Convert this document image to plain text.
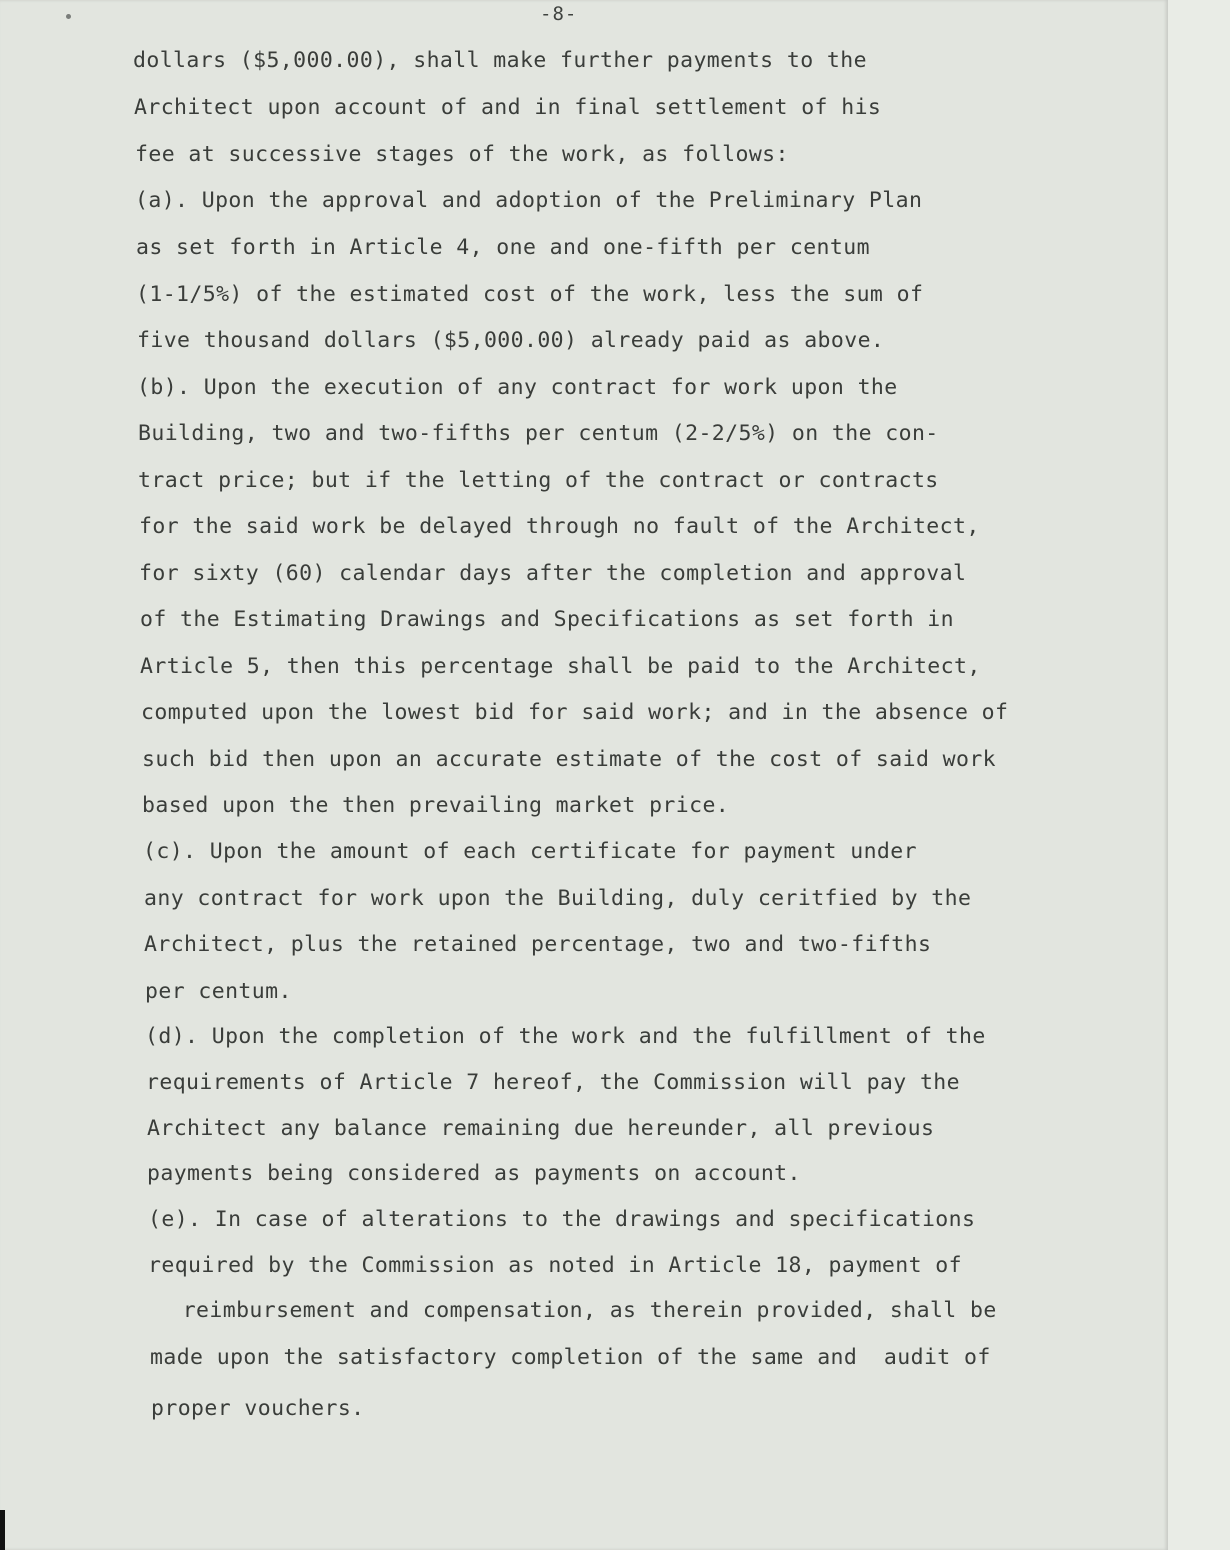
-8-
dollars ($5,000.00), shall make further payments to the
Architect upon account of and in final settlement of his
fee at successive stages of the work, as follows:
(a). Upon the approval and adoption of the Preliminary Plan
as set forth in Article 4, one and one-fifth per centum
(1-1/5%) of the estimated cost of the work, less the sum of
five thousand dollars ($5,000.00) already paid as above.
(b). Upon the execution of any contract for work upon the
Building, two and two-fifths per centum (2-2/5%) on the con-
tract price; but if the letting of the contract or contracts
for the said work be delayed through no fault of the Architect,
for sixty (60) calendar days after the completion and approval
of the Estimating Drawings and Specifications as set forth in
Article 5, then this percentage shall be paid to the Architect,
computed upon the lowest bid for said work; and in the absence of
such bid then upon an accurate estimate of the cost of said work
based upon the then prevailing market price.
(c). Upon the amount of each certificate for payment under
any contract for work upon the Building, duly ceritfied by the
Architect, plus the retained percentage, two and two-fifths
per centum.
(d). Upon the completion of the work and the fulfillment of the
requirements of Article 7 hereof, the Commission will pay the
Architect any balance remaining due hereunder, all previous
payments being considered as payments on account.
(e). In case of alterations to the drawings and specifications
required by the Commission as noted in Article 18, payment of
reimbursement and compensation, as therein provided, shall be
made upon the satisfactory completion of the same and  audit of
proper vouchers.
